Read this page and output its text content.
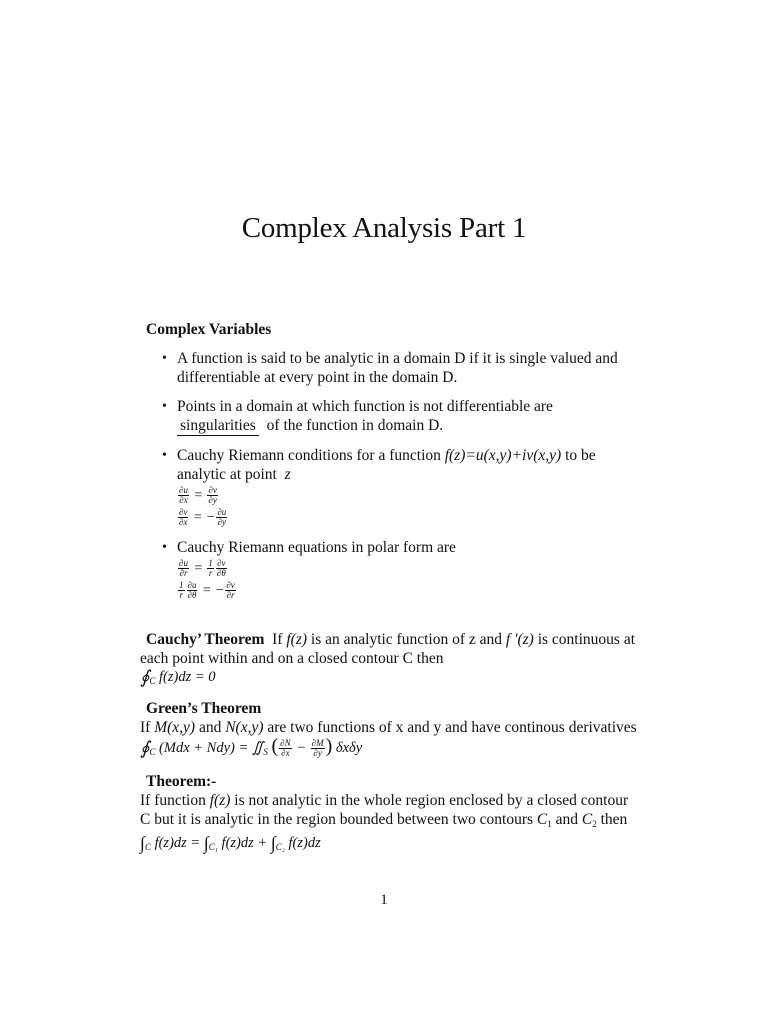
Complex Analysis Part 1
Complex Variables
• A function is said to be analytic in a domain D if it is single valued and differentiable at every point in the domain D.
• Points in a domain at which function is not differentiable are
singularities of the function in domain D.
• Cauchy Riemann conditions for a function f(z)=u(x,y)+iv(x,y) to be analytic at point z
$\frac{\partial u}{\partial x} = \frac{\partial v}{\partial y}$
$\frac{\partial v}{\partial x}$ = − $\frac{\partial u}{\partial y}$
• Cauchy Riemann equations in polar form are
$\frac{\partial u}{\partial r} = \frac{1}{r} \frac{\partial v}{\partial\theta}$
$\frac{1}{r} \frac{\partial u}{\partial\theta}$ = − $\frac{\partial v}{\partial r}$
Cauchy’ Theorem If f(z) is an analytic function of z and f ′(z) is continuous at each point within and on a closed contour C then
$∮_C$ f(z)dz = 0
Green’s Theorem
If M(x,y) and N(x,y) are two functions of x and y and have continous derivatives
$∮_C$ $(Mdx + Ndy) = ∬_S$ ( $\frac{\partial N}{\partial x} - \frac{\partial M}{\partial y}$ ) δxδy
Theorem:-
If function f(z) is not analytic in the whole region enclosed by a closed contour C but it is analytic in the region bounded between two contours $C_1$ and $C_2$ then
$\int_C$ $f(z)dz = \int_{C_1}$ $f(z)dz + \int_{C_2}$ f(z)dz
1
